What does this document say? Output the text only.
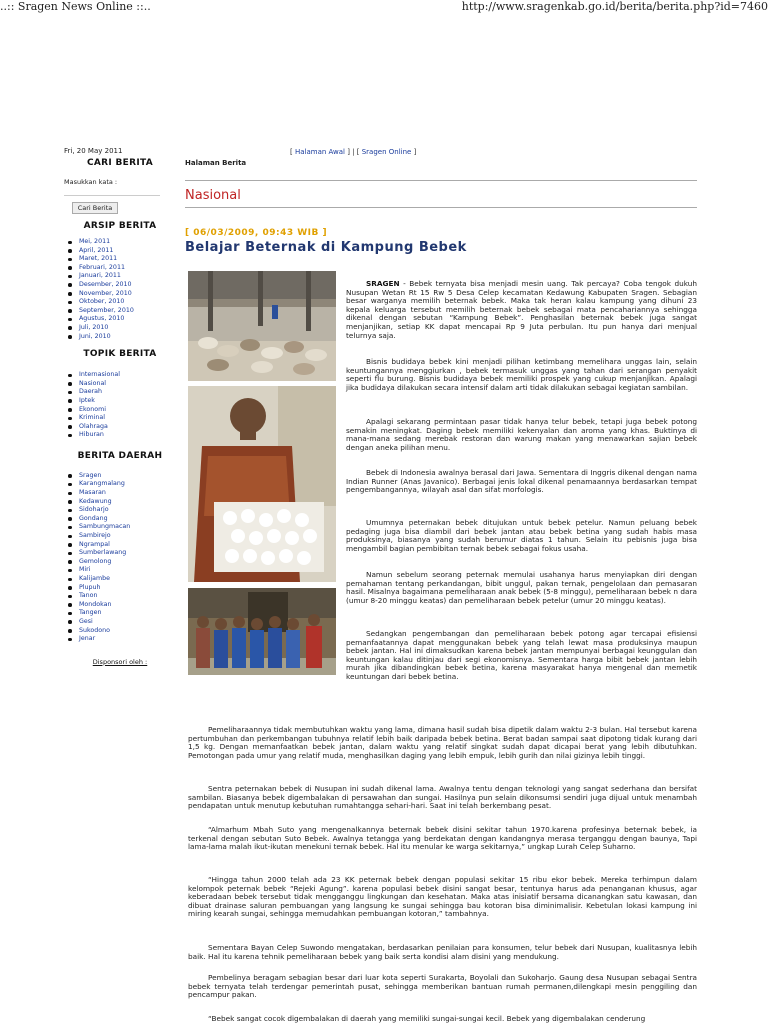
..:: Sragen News Online ::..	http://www.sragenkab.go.id/berita/berita.php?id=7460
Fri, 20 May 2011
CARI BERITA
Masukkan kata :
Cari Berita
ARSIP BERITA
Mei, 2011
April, 2011
Maret, 2011
Februari, 2011
Januari, 2011
Desember, 2010
November, 2010
Oktober, 2010
September, 2010
Agustus, 2010
Juli, 2010
Juni, 2010
TOPIK BERITA
Internasional
Nasional
Daerah
Iptek
Ekonomi
Kriminal
Olahraga
Hiburan
BERITA DAERAH
Sragen
Karangmalang
Masaran
Kedawung
Sidoharjo
Gondang
Sambungmacan
Sambirejo
Ngrampal
Sumberlawang
Gemolong
Miri
Kalijambe
Plupuh
Tanon
Mondokan
Tangen
Gesi
Sukodono
Jenar
Disponsori oleh :
Halaman Berita
[ Halaman Awal ] | [ Sragen Online ]
Nasional
[ 06/03/2009, 09:43 WIB ]
Belajar Beternak di Kampung Bebek
SRAGEN - Bebek ternyata bisa menjadi mesin uang. Tak percaya? Coba tengok dukuh Nusupan Wetan Rt 15 Rw 5 Desa Celep kecamatan Kedawung Kabupaten Sragen. Sebagian besar warganya memilih beternak bebek. Maka tak heran kalau kampung yang dihuni 23 kepala keluarga tersebut memilih beternak bebek sebagai mata pencahariannya sehingga dikenal dengan sebutan “Kampung Bebek”. Penghasilan beternak bebek juga sangat menjanjikan, setiap KK dapat mencapai Rp 9 Juta perbulan. Itu pun hanya dari menjual telurnya saja.
Bisnis budidaya bebek kini menjadi pilihan ketimbang memelihara unggas lain, selain keuntungannya menggiurkan , bebek termasuk unggas yang tahan dari serangan penyakit seperti flu burung. Bisnis budidaya bebek memiliki prospek yang cukup menjanjikan. Apalagi jika budidaya dilakukan secara intensif dalam arti tidak dilakukan sebagai kegiatan sambilan.
Apalagi sekarang permintaan pasar tidak hanya telur bebek, tetapi juga bebek potong semakin meningkat. Daging bebek memiliki kekenyalan dan aroma yang khas. Buktinya di mana-mana sedang merebak restoran dan warung makan yang menawarkan sajian bebek dengan aneka pilihan menu.
Bebek di Indonesia awalnya berasal dari Jawa. Sementara di Inggris dikenal dengan nama Indian Runner (Anas Javanico). Berbagai jenis lokal dikenal penamaannya berdasarkan tempat pengembangannya, wilayah asal dan sifat morfologis.
Umumnya peternakan bebek ditujukan untuk bebek petelur. Namun peluang bebek pedaging juga bisa diambil dari bebek jantan atau bebek betina yang sudah habis masa produksinya, biasanya yang sudah berumur diatas 1 tahun. Selain itu pebisnis juga bisa mengambil bagian pembibitan ternak bebek sebagai fokus usaha.
Namun sebelum seorang peternak memulai usahanya harus menyiapkan diri dengan pemahaman tentang perkandangan, bibit unggul, pakan ternak, pengelolaan dan pemasaran hasil. Misalnya bagaimana pemeliharaan anak bebek (5-8 minggu), pemeliharaan bebek n dara (umur 8-20 minggu keatas) dan pemeliharaan bebek petelur (umur 20 minggu keatas).
Sedangkan pengembangan dan pemeliharaan bebek potong agar tercapai efisiensi pemanfaatannya dapat menggunakan bebek yang telah lewat masa produksinya maupun bebek jantan. Hal ini dimaksudkan karena bebek jantan mempunyai berbagai keunggulan dan keuntungan kalau ditinjau dari segi ekonomisnya. Sementara harga bibit bebek jantan lebih murah jika dibandingkan bebek betina, karena masyarakat hanya mengenal dan memetik keuntungan dari bebek betina.
Pemeliharaannya tidak membutuhkan waktu yang lama, dimana hasil sudah bisa dipetik dalam waktu 2-3 bulan. Hal tersebut karena pertumbuhan dan perkembangan tubuhnya relatif lebih baik daripada bebek betina. Berat badan sampai saat dipotong tidak kurang dari 1,5 kg. Dengan memanfaatkan bebek jantan, dalam waktu yang relatif singkat sudah dapat dicapai berat yang lebih dibutuhkan. Pemotongan pada umur yang relatif muda, menghasilkan daging yang lebih empuk, lebih gurih dan nilai gizinya lebih tinggi.
Sentra peternakan bebek di Nusupan ini sudah dikenal lama. Awalnya tentu dengan teknologi yang sangat sederhana dan bersifat sambilan. Biasanya bebek digembalakan di persawahan dan sungai. Hasilnya pun selain dikonsumsi sendiri juga dijual untuk menambah pendapatan untuk menutup kebutuhan rumahtangga sehari-hari. Saat ini telah berkembang pesat.
“Almarhum Mbah Suto yang mengenalkannya beternak bebek disini sekitar tahun 1970.karena profesinya beternak bebek, ia terkenal dengan sebutan Suto Bebek. Awalnya tetangga yang berdekatan dengan kandangnya merasa terganggu dengan baunya, Tapi lama-lama malah ikut-ikutan menekuni ternak bebek. Hal itu menular ke warga sekitarnya,” ungkap Lurah Celep Suharno.
“Hingga tahun 2000 telah ada 23 KK peternak bebek dengan populasi sekitar 15 ribu ekor bebek. Mereka terhimpun dalam kelompok peternak bebek “Rejeki Agung”. karena populasi bebek disini sangat besar, tentunya harus ada penanganan khusus, agar keberadaan bebek tersebut tidak mengganggu lingkungan dan kesehatan. Maka atas inisiatif bersama dicanangkan satu kawasan, dan dibuat drainase saluran pembuangan yang langsung ke sungai sehingga bau kotoran bisa diminimalisir. Kebetulan lokasi kampung ini miring kearah sungai, sehingga memudahkan pembuangan kotoran,” tambahnya.
Sementara Bayan Celep Suwondo mengatakan, berdasarkan penilaian para konsumen, telur bebek dari Nusupan, kualitasnya lebih baik. Hal itu karena tehnik pemeliharaan bebek yang baik serta kondisi alam disini yang mendukung.
Pembelinya beragam sebagian besar dari luar kota seperti Surakarta, Boyolali dan Sukoharjo. Gaung desa Nusupan sebagai Sentra bebek ternyata telah terdengar pemerintah pusat, sehingga memberikan bantuan rumah permanen,dilengkapi mesin penggiling dan pencampur pakan.
“Bebek sangat cocok digembalakan di daerah yang memiliki sungai-sungai kecil. Bebek yang digembalakan cenderung
